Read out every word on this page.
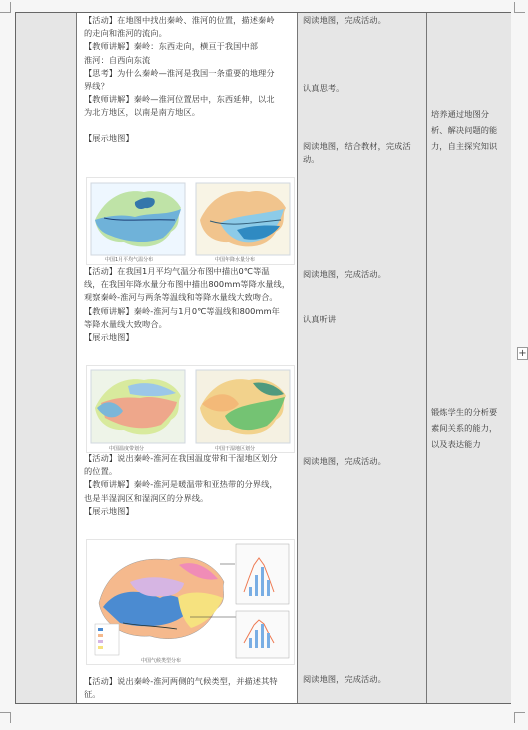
【活动】在地图中找出秦岭、淮河的位置，描述秦岭
的走向和淮河的流向。
【教师讲解】秦岭：东西走向，横亘于我国中部
淮河：自西向东流
【思考】为什么秦岭—淮河是我国一条重要的地理分
界线？
【教师讲解】秦岭—淮河位置居中，东西延伸，以北
为北方地区，以南是南方地区。
【展示地图】
中国1月平均气温分布	中国年降水量分布
【活动】在我国1月平均气温分布图中描出0℃等温
线，在我国年降水量分布图中描出800mm等降水量线，
观察秦岭-淮河与两条等温线和等降水量线大致吻合。
【教师讲解】秦岭-淮河与1月0℃等温线和800mm年
等降水量线大致吻合。
【展示地图】
中国温度带划分	中国干湿地区划分
【活动】说出秦岭-淮河在我国温度带和干湿地区划分
的位置。
【教师讲解】秦岭-淮河是暖温带和亚热带的分界线，
也是半湿润区和湿润区的分界线。
【展示地图】
中国气候类型分布
【活动】说出秦岭-淮河两侧的气候类型，并描述其特
征。
阅读地图，完成活动。
认真思考。
阅读地图，结合教材，完成活
动。
阅读地图，完成活动。
认真听讲
阅读地图，完成活动。
阅读地图，完成活动。
培养通过地图分
析、解决问题的能
力，自主探究知识
锻炼学生的分析要
素间关系的能力，
以及表达能力
+
